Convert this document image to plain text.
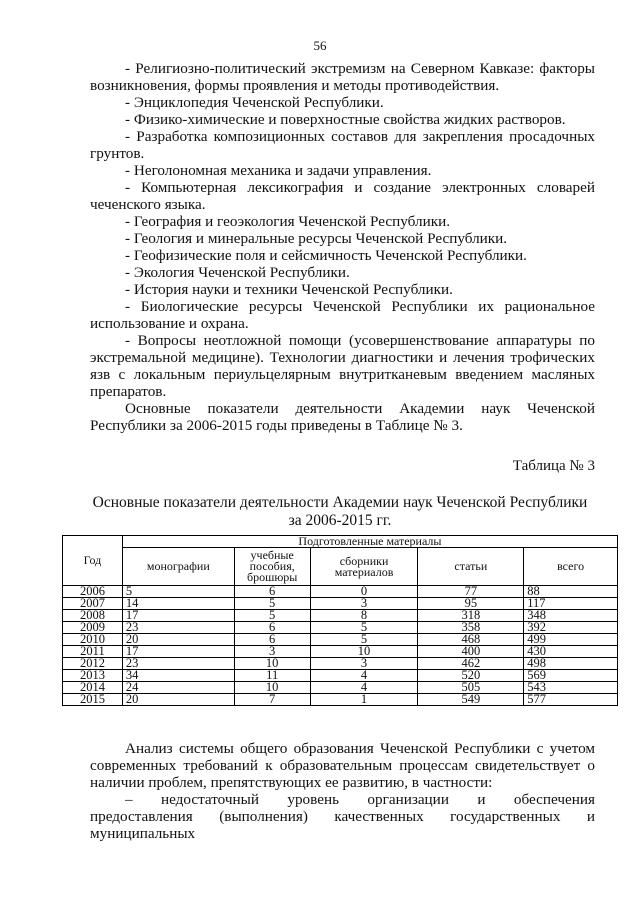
56

- Религиозно-политический экстремизм на Северном Кавказе: факторы возникновения, формы проявления и методы противодействия.

- Энциклопедия Чеченской Республики.

- Физико-химические и поверхностные свойства жидких растворов.

- Разработка композиционных составов для закрепления просадочных грунтов.

- Неголономная механика и задачи управления.

- Компьютерная лексикография и создание электронных словарей чеченского языка.

- География и геоэкология Чеченской Республики.

- Геология и минеральные ресурсы Чеченской Республики.

- Геофизические поля и сейсмичность Чеченской Республики.

- Экология Чеченской Республики.

- История науки и техники Чеченской Республики.

- Биологические ресурсы Чеченской Республики их рациональное использование и охрана.

- Вопросы неотложной помощи (усовершенствование аппаратуры по экстремальной медицине). Технологии диагностики и лечения трофических язв с локальным периульцелярным внутритканевым введением масляных препаратов.

Основные показатели деятельности Академии наук Чеченской Республики за 2006-2015 годы приведены в Таблице № 3.

Таблица № 3
Основные показатели деятельности Академии наук Чеченской Республики
за 2006-2015 гг.
Год	Подготовленные материалы				
	монографии	учебные пособия, брошюры	сборники материалов	статьи	всего
2006	5	6	0	77	88
2007	14	5	3	95	117
2008	17	5	8	318	348
2009	23	6	5	358	392
2010	20	6	5	468	499
2011	17	3	10	400	430
2012	23	10	3	462	498
2013	34	11	4	520	569
2014	24	10	4	505	543
2015	20	7	1	549	577

Анализ системы общего образования Чеченской Республики с учетом современных требований к образовательным процессам свидетельствует о наличии проблем, препятствующих ее развитию, в частности:

– недостаточный уровень организации и обеспечения

предоставления (выполнения) качественных государственных и муниципальных
